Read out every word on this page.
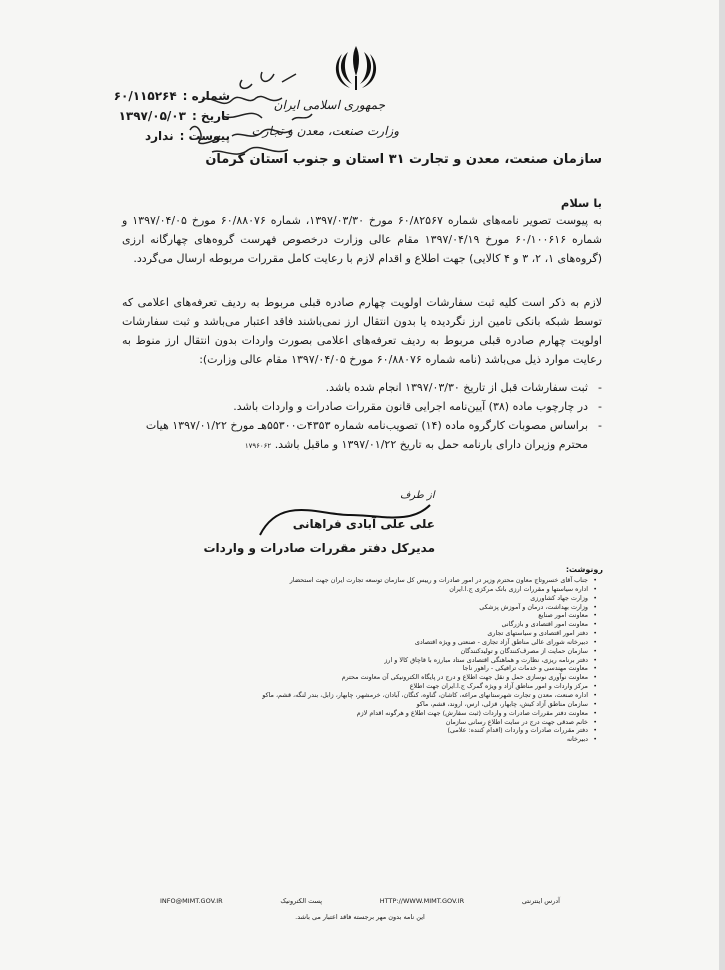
شماره :
۶۰/۱۱۵۲۶۴
تاریخ :
۱۳۹۷/۰۵/۰۳
پیوست :
ندارد
جمهوری اسلامی ایران
وزارت صنعت، معدن و تجارت
سازمان صنعت، معدن و تجارت ۳۱ استان و جنوب استان کرمان
با سلام
به پیوست تصویر نامه‌های شماره ۶۰/۸۲۵۶۷ مورخ ۱۳۹۷/۰۳/۳۰، شماره ۶۰/۸۸۰۷۶ مورخ ۱۳۹۷/۰۴/۰۵ و شماره ۶۰/۱۰۰۶۱۶ مورخ ۱۳۹۷/۰۴/۱۹ مقام عالی وزارت درخصوص فهرست گروه‌های چهارگانه ارزی (گروه‌های ۱، ۲، ۳ و ۴ کالایی) جهت اطلاع و اقدام لازم با رعایت کامل مقررات مربوطه ارسال می‌گردد.
لازم به ذکر است کلیه ثبت سفارشات اولویت چهارم صادره قبلی مربوط به ردیف تعرفه‌های اعلامی که توسط شبکه بانکی تامین ارز نگردیده یا بدون انتقال ارز نمی‌باشند فاقد اعتبار می‌باشد و ثبت سفارشات اولویت چهارم صادره قبلی مربوط به ردیف تعرفه‌های اعلامی بصورت واردات بدون انتقال ارز منوط به رعایت موارد ذیل می‌باشد (نامه شماره ۶۰/۸۸۰۷۶ مورخ ۱۳۹۷/۰۴/۰۵ مقام عالی وزارت):
- ثبت سفارشات قبل از تاریخ ۱۳۹۷/۰۳/۳۰ انجام شده باشد.
- در چارچوب ماده (۳۸) آیین‌نامه اجرایی قانون مقررات صادرات و واردات باشد.
- براساس مصوبات کارگروه ماده (۱۴) تصویب‌نامه شماره ۴۳۵۳ت۵۵۳۰۰هـ مورخ ۱۳۹۷/۰۱/۲۲ هیات محترم وزیران دارای بارنامه حمل به تاریخ ۱۳۹۷/۰۱/۲۲ و ماقبل باشد. ۱۷۹۶۰۶۲
از طرف
علی علی آبادی فراهانی
مدیرکل دفتر مقررات صادرات و واردات
رونوشت:
• جناب آقای خسروتاج معاون محترم وزیر در امور صادرات و رییس کل سازمان توسعه تجارت ایران جهت استحضار
• اداره سیاستها و مقررات ارزی بانک مرکزی ج.ا.ایران
• وزارت جهاد کشاورزی
• وزارت بهداشت، درمان و آموزش پزشکی
• معاونت امور صنایع
• معاونت امور اقتصادی و بازرگانی
• دفتر امور اقتصادی و سیاستهای تجاری
• دبیرخانه شورای عالی مناطق آزاد تجاری - صنعتی و ویژه اقتصادی
• سازمان حمایت از مصرف‌کنندگان و تولیدکنندگان
• دفتر برنامه ریزی، نظارت و هماهنگی اقتصادی ستاد مبارزه با قاچاق کالا و ارز
• معاونت مهندسی و خدمات ترافیکی - راهور ناجا
• معاونت نوآوری نوسازی حمل و نقل جهت اطلاع و درج در پایگاه الکترونیکی آن معاونت محترم
• مرکز واردات و امور مناطق آزاد و ویژه گمرک ج.ا.ایران جهت اطلاع
• اداره صنعت، معدن و تجارت شهرستانهای مراغه، کاشان، گناوه، کنگان، آبادان، خرمشهر، چابهار، زابل، بندر لنگه، قشم، ماکو
• سازمان مناطق آزاد کیش، چابهار، قزلی، ارس، اروند، قشم، ماکو
• معاونت دفتر مقررات صادرات و واردات (ثبت سفارش) جهت اطلاع و هرگونه اقدام لازم
• خانم صدقی جهت درج در سایت اطلاع رسانی سازمان
• دفتر مقررات صادرات و واردات (اقدام کننده: علامی)
• دبیرخانه
INFO@MIMT.GOV.IR	پست الکترونیک	HTTP://WWW.MIMT.GOV.IR	آدرس اینترنتی
این نامه بدون مهر برجسته فاقد اعتبار می باشد.
